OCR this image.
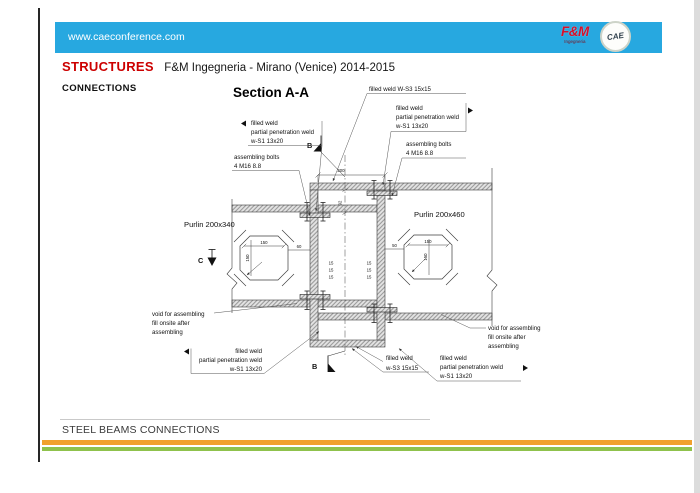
www.caeconference.com	F&M
Ingegneria	CAE
STRUCTURES F&M Ingegneria - Mirano (Venice) 2014-2015
CONNECTIONS	Section A-A
B
B
C
200
92
150
150
60
150
150
50
15
15
15
15
15
15
filled weld W-S3 15x15
filled weld
partial penetration weld
w-S1 13x20
assembling bolts
4 M16 8.8
filled weld
partial penetration weld
w-S1 13x20
assembling bolts
4 M16 8.8
Purlin 200x340
Purlin 200x460
void for assembling
fill onsite after
assembling
filled weld
partial penetration weld
w-S1 13x20
filled weld
w-S3 15x15
filled weld
partial penetration weld
w-S1 13x20
void for assembling
fill onsite after
assembling
STEEL BEAMS CONNECTIONS
